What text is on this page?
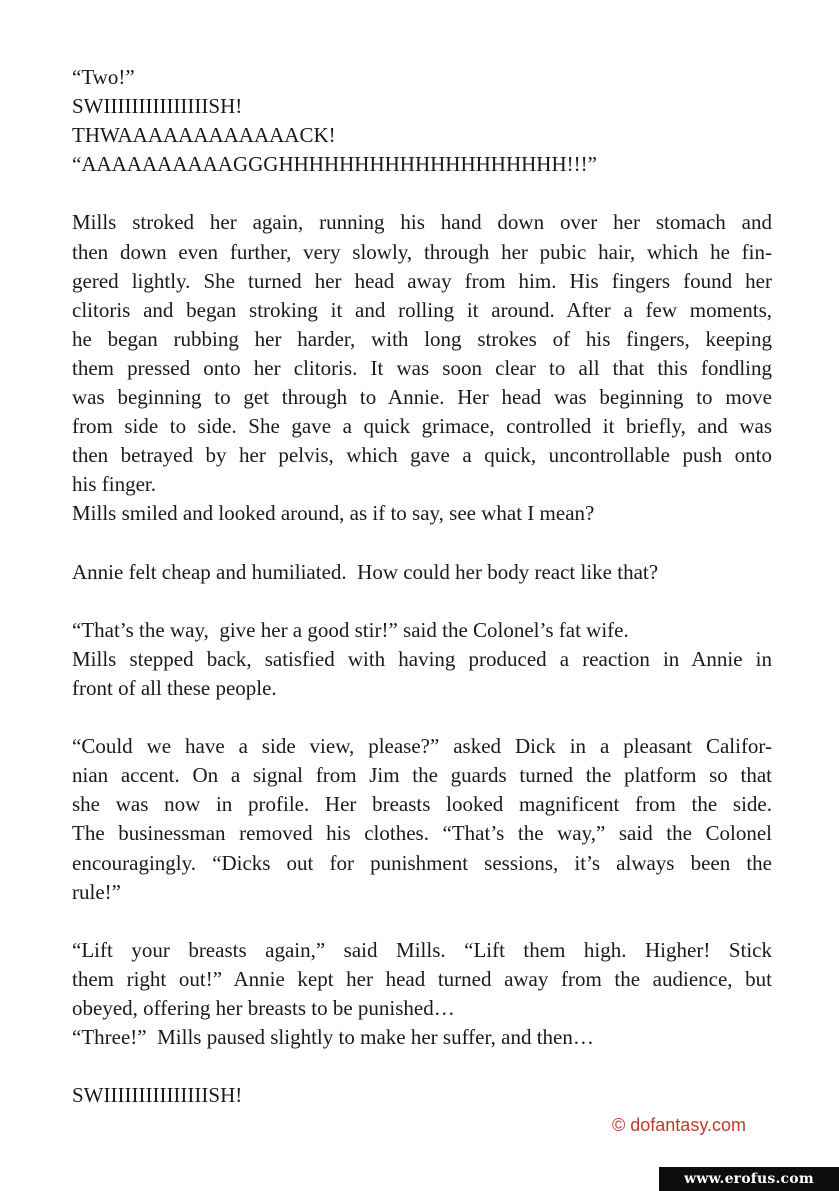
“Two!”
SWIIIIIIIIIIIIIIISH!
THWAAAAAAAAAAAACK!
“AAAAAAAAAAGGGHHHHHHHHHHHHHHHHHHH!!!”
Mills stroked her again, running his hand down over her stomach and
then down even further, very slowly, through her pubic hair, which he fin-
gered lightly. She turned her head away from him. His fingers found her
clitoris and began stroking it and rolling it around. After a few moments,
he began rubbing her harder, with long strokes of his fingers, keeping
them pressed onto her clitoris. It was soon clear to all that this fondling
was beginning to get through to Annie. Her head was beginning to move
from side to side. She gave a quick grimace, controlled it briefly, and was
then betrayed by her pelvis, which gave a quick, uncontrollable push onto
his finger.
Mills smiled and looked around, as if to say, see what I mean?
Annie felt cheap and humiliated.  How could her body react like that?
“That’s the way,  give her a good stir!” said the Colonel’s fat wife.
Mills stepped back, satisfied with having produced a reaction in Annie in
front of all these people.
“Could we have a side view, please?” asked Dick in a pleasant Califor-
nian accent. On a signal from Jim the guards turned the platform so that
she was now in profile. Her breasts looked magnificent from the side.
The businessman removed his clothes. “That’s the way,” said the Colonel
encouragingly. “Dicks out for punishment sessions, it’s always been the
rule!”
“Lift your breasts again,” said Mills. “Lift them high. Higher! Stick
them right out!” Annie kept her head turned away from the audience, but
obeyed, offering her breasts to be punished…
“Three!”  Mills paused slightly to make her suffer, and then…
SWIIIIIIIIIIIIIIISH!
© dofantasy.com
www.erofus.com
